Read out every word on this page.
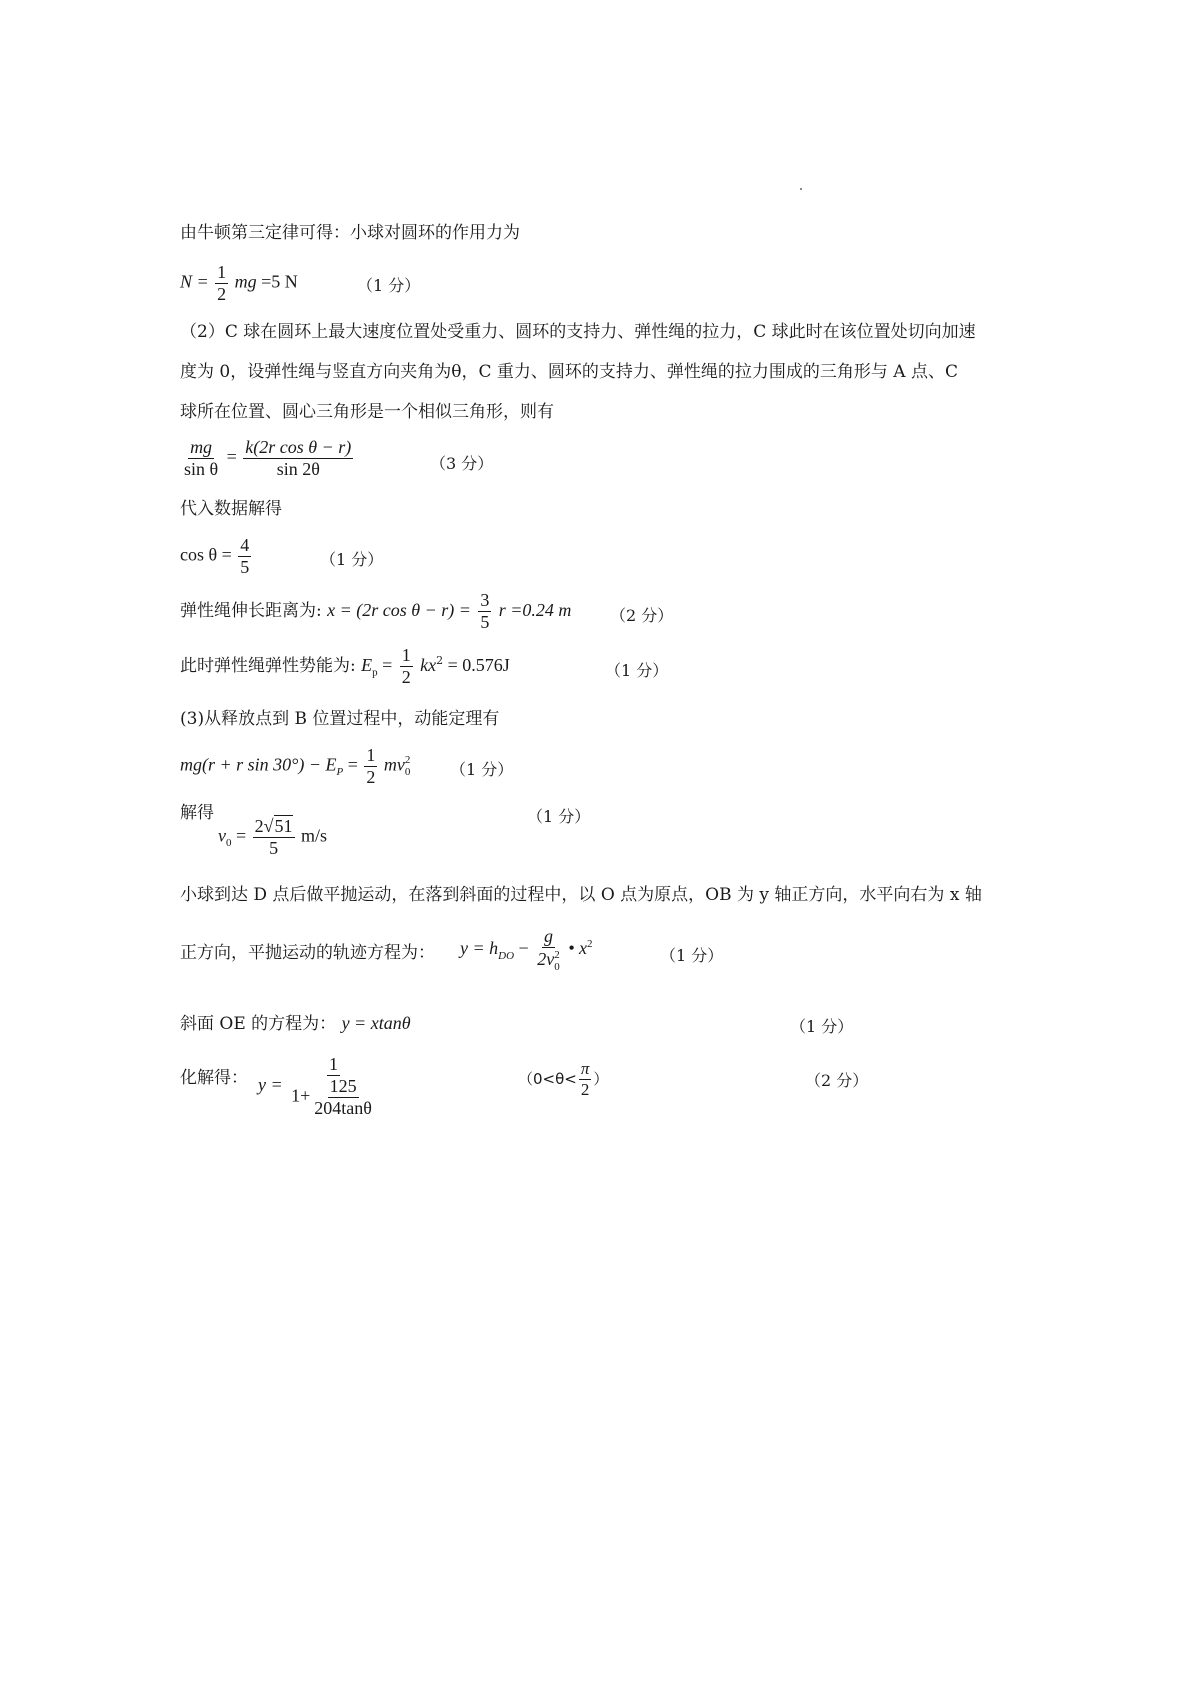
由牛顿第三定律可得：小球对圆环的作用力为
$N = \frac{1}{2}$ mg =5 N	（1 分）
（2）C 球在圆环上最大速度位置处受重力、圆环的支持力、弹性绳的拉力，C 球此时在该位置处切向加速
度为 0，设弹性绳与竖直方向夹角为θ，C 重力、圆环的支持力、弹性绳的拉力围成的三角形与 A 点、C
球所在位置、圆心三角形是一个相似三角形，则有
$\frac{mg}{\text{sin θ}} = \frac{\text{k(2r cos θ − r)}}{\sin 2\theta}$	（3 分）
代入数据解得
$\cos \theta = \frac{4}{5}$	（1 分）
弹性绳伸长距离为: x = (2r $\cos \theta - r) = \frac{3}{5}$ r =0.24 m （2 分）
此时弹性绳弹性势能为: $E_p = \frac{1}{2} kx^2 = 0.576J$	（1 分）
(3)从释放点到 B 位置过程中，动能定理有
mg(r + r $\sin 30^\circ) - E_P = \frac{1}{2}$ mv 2
0 （1 分）
解得
$v_0 = \frac{2√51}{5} m/s$
（1 分）
小球到达 D 点后做平抛运动，在落到斜面的过程中，以 O 点为原点，OB 为 y 轴正方向，水平向右为 x 轴
正方向，平抛运动的轨迹方程为： $y = h_{DO} - g$
2v 2
0 • $x^2$
（1 分）
斜面 OE 的方程为： y = xtanθ	（1 分）
化解得： $y = \frac{1}{1+ \frac{125}{204\tan\theta}}$	（$0<\theta< \frac{\pi}{2}$ ）	（2 分）
